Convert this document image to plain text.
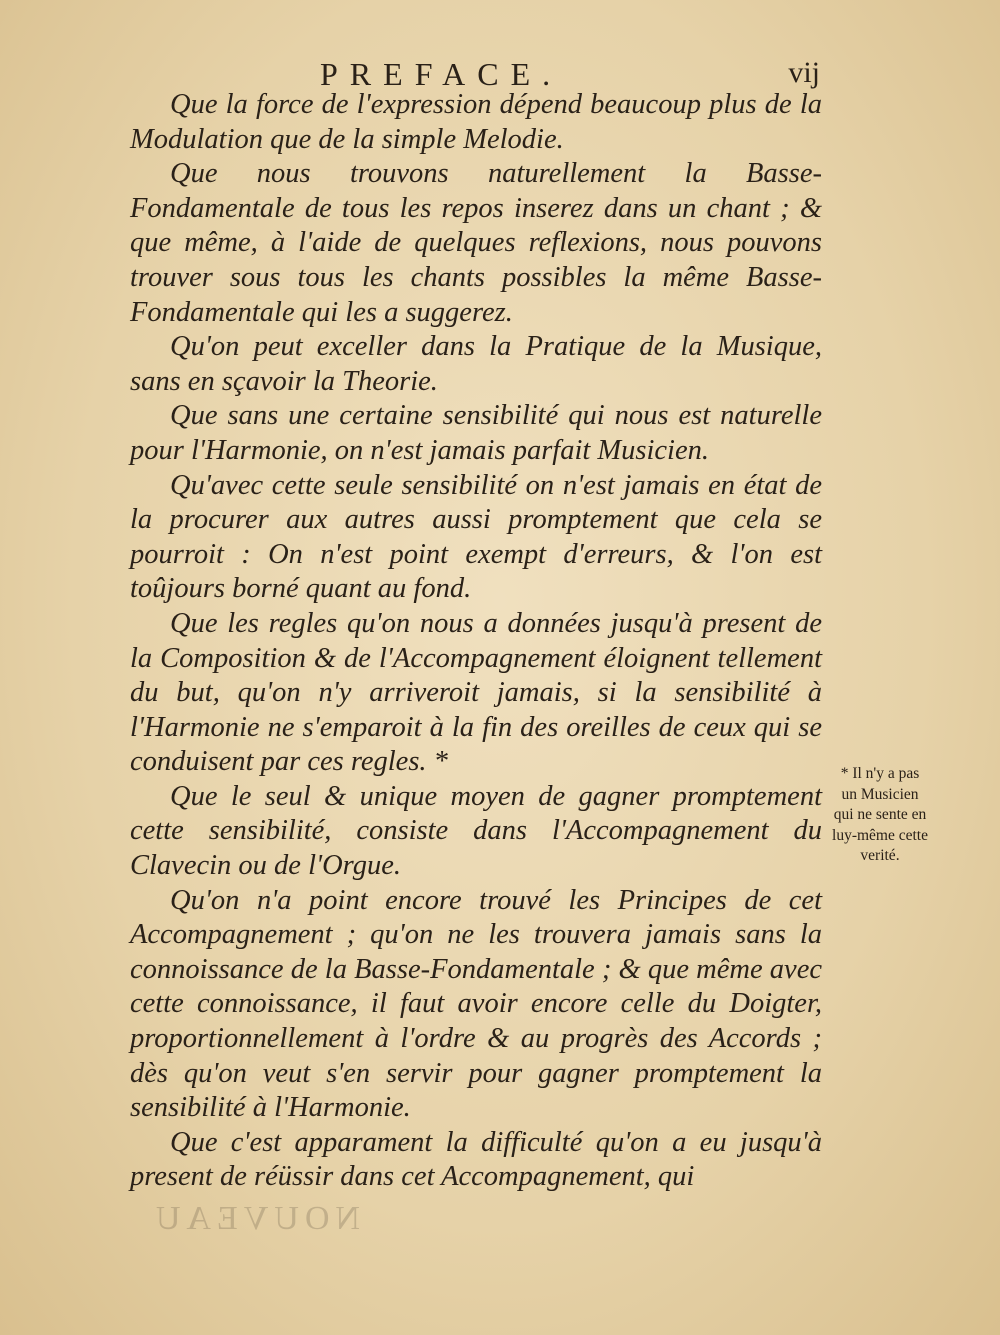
PREFACE.	vij

Que la force de l'expression dépend beaucoup plus de la Modulation que de la simple Melodie.

Que nous trouvons naturellement la Basse-Fondamentale de tous les repos inserez dans un chant ; & que même, à l'aide de quelques reflexions, nous pouvons trouver sous tous les chants possibles la même Basse-Fondamentale qui les a suggerez.

Qu'on peut exceller dans la Pratique de la Musique, sans en sçavoir la Theorie.

Que sans une certaine sensibilité qui nous est naturelle pour l'Harmonie, on n'est jamais parfait Musicien.

Qu'avec cette seule sensibilité on n'est jamais en état de la procurer aux autres aussi promptement que cela se pourroit : On n'est point exempt d'erreurs, & l'on est toûjours borné quant au fond.

Que les regles qu'on nous a données jusqu'à present de la Composition & de l'Accompagnement éloignent tellement du but, qu'on n'y arriveroit jamais, si la sensibilité à l'Harmonie ne s'emparoit à la fin des oreilles de ceux qui se conduisent par ces regles. *

Que le seul & unique moyen de gagner promptement cette sensibilité, consiste dans l'Accompagnement du Clavecin ou de l'Orgue.

Qu'on n'a point encore trouvé les Principes de cet Accompagnement ; qu'on ne les trouvera jamais sans la connoissance de la Basse-Fondamentale ; & que même avec cette connoissance, il faut avoir encore celle du Doigter, proportionnellement à l'ordre & au progrès des Accords ; dès qu'on veut s'en servir pour gagner promptement la sensibilité à l'Harmonie.

Que c'est apparament la difficulté qu'on a eu jusqu'à present de réüssir dans cet Accompagnement, qui

* Il n'y a pas un Musicien qui ne sente en luy-même cette verité.
NOUVEAU
